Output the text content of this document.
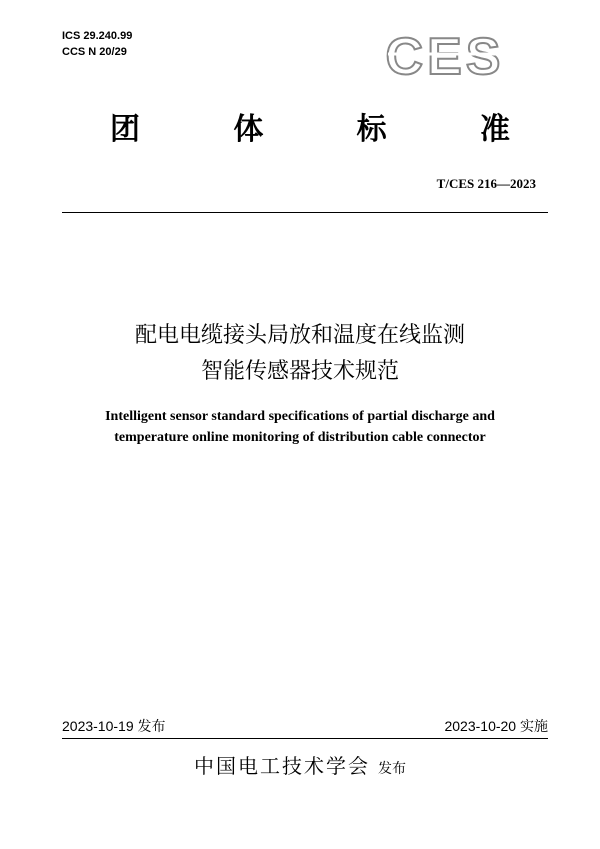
ICS 29.240.99
CCS N 20/29	CES
团	体	标	准
T/CES 216—2023
配电电缆接头局放和温度在线监测
智能传感器技术规范
Intelligent sensor standard specifications of partial discharge and
temperature online monitoring of distribution cable connector
2023-10-19 发布	2023-10-20 实施
中国电工技术学会 发布
